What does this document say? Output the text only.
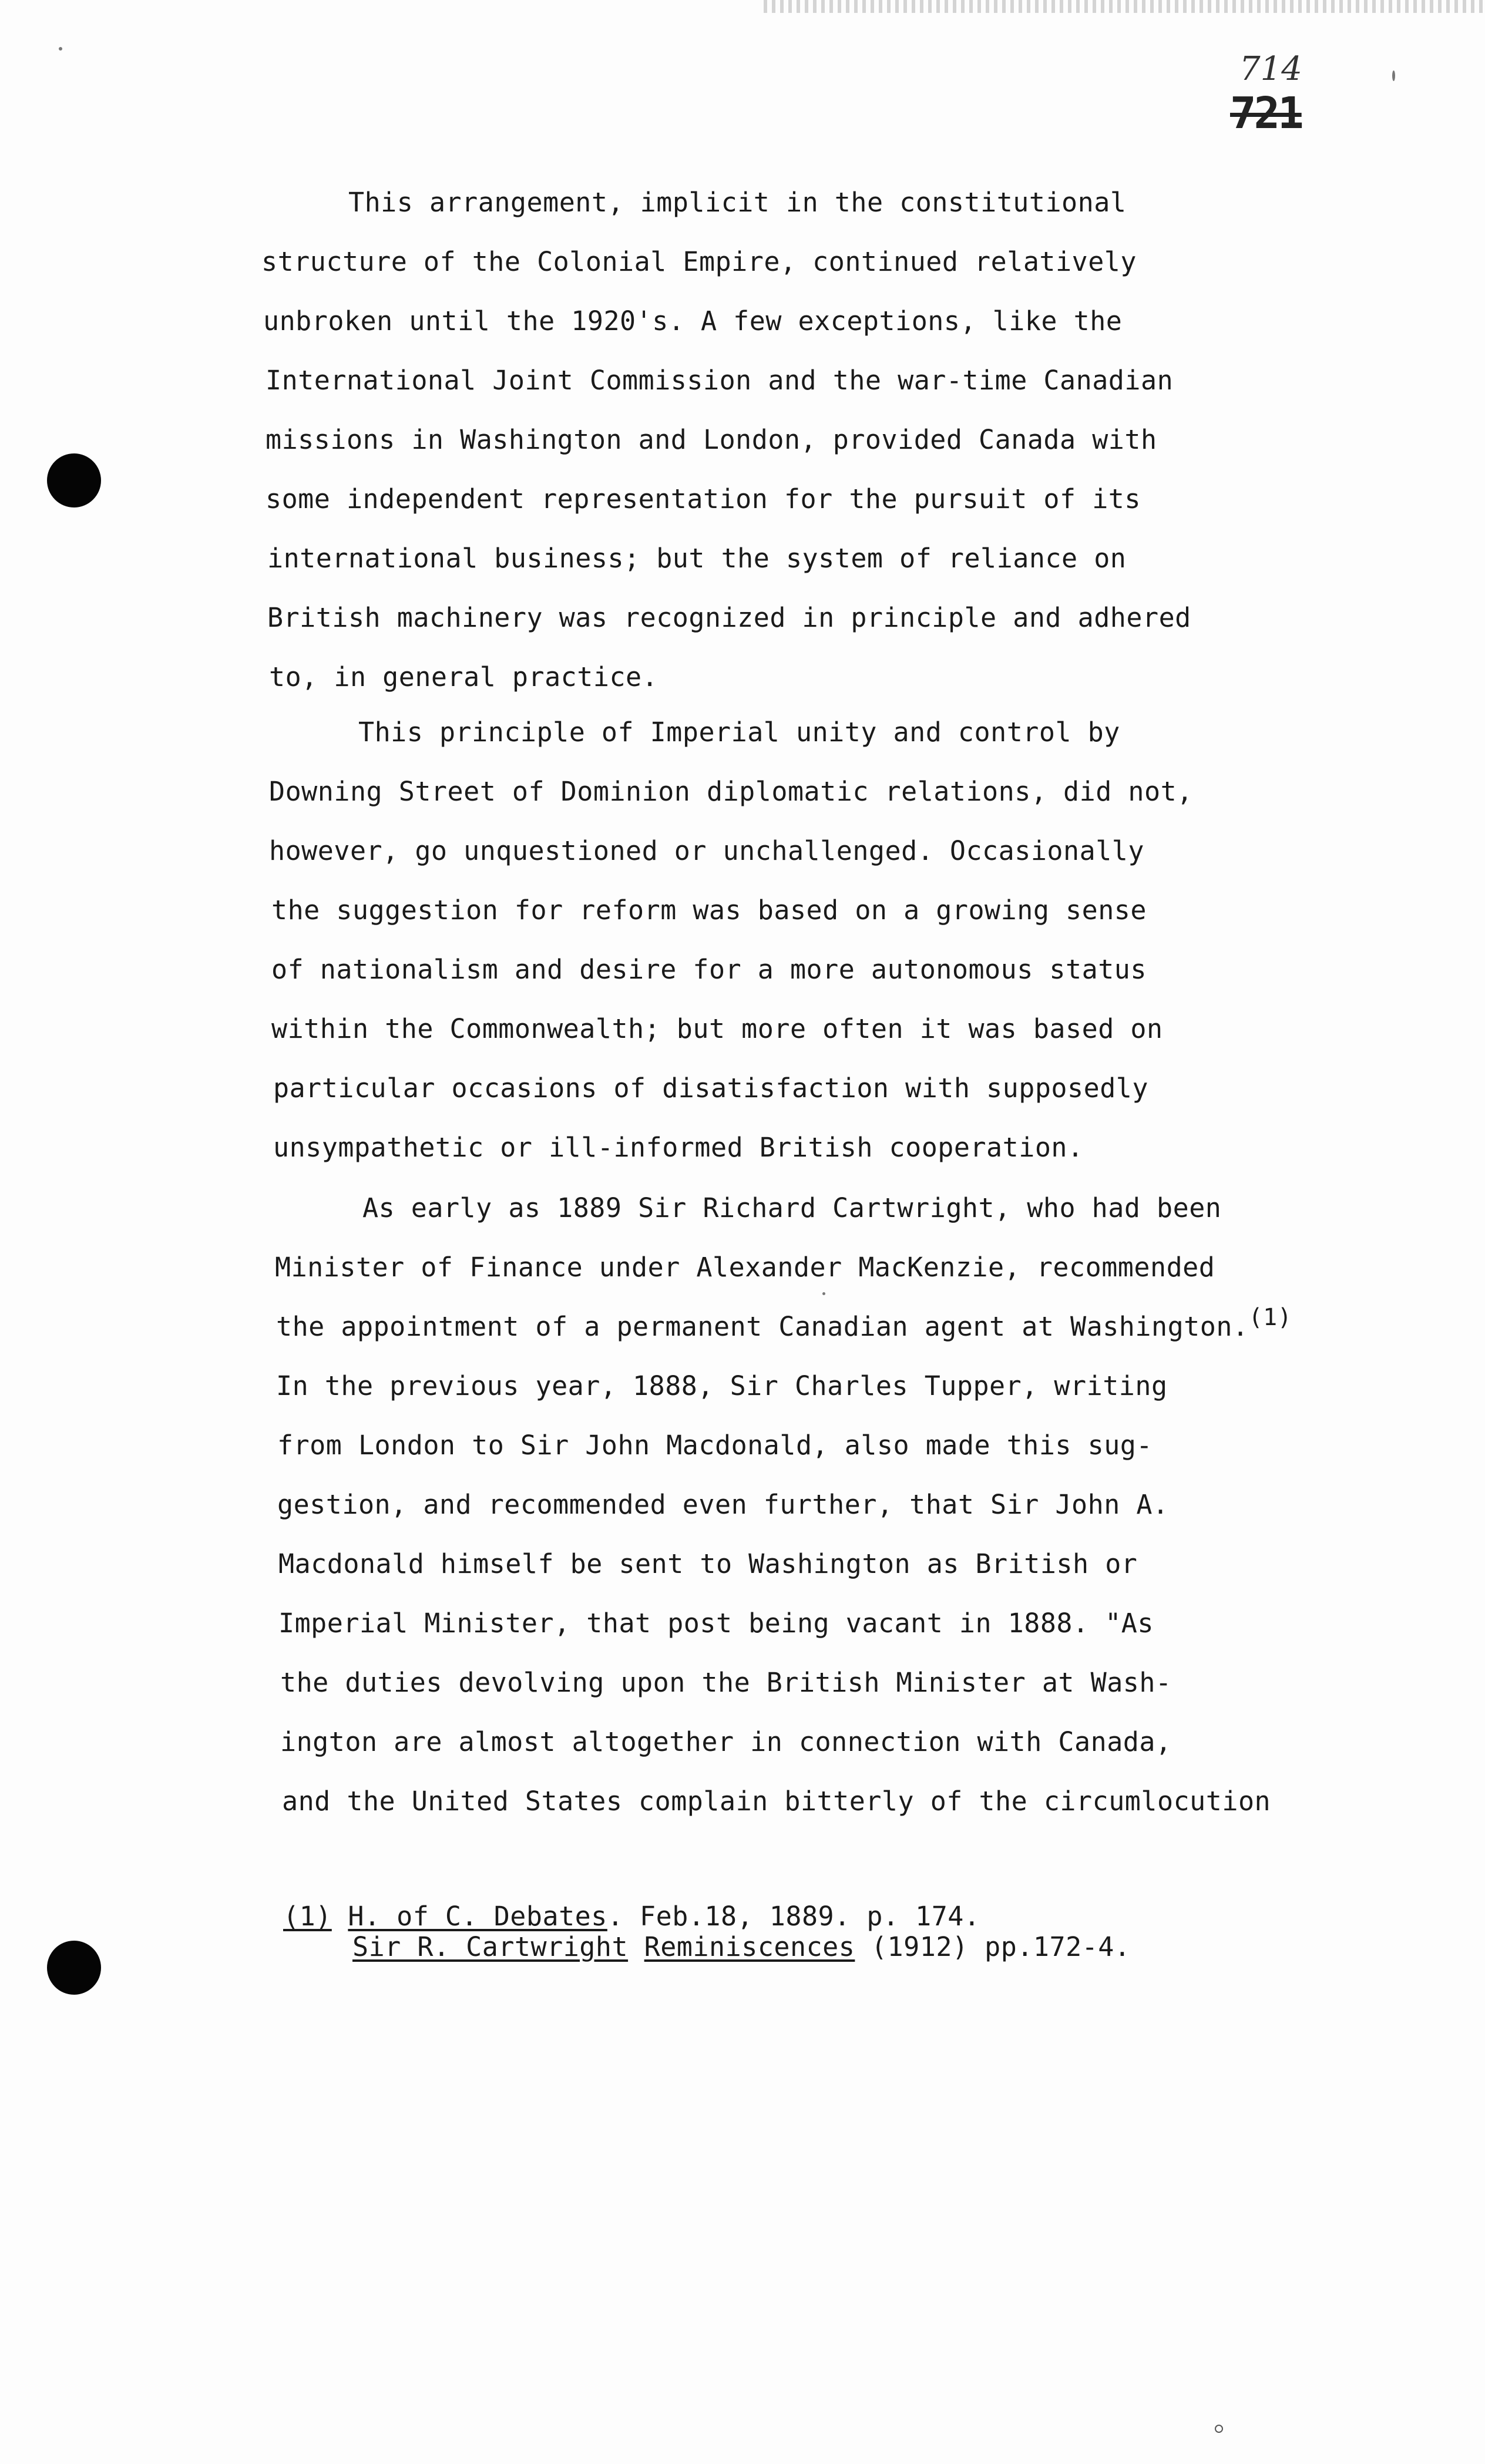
714
721
This arrangement, implicit in the constitutional
structure of the Colonial Empire, continued relatively
unbroken until the 1920's. A few exceptions, like the
International Joint Commission and the war-time Canadian
missions in Washington and London, provided Canada with
some independent representation for the pursuit of its
international business; but the system of reliance on
British machinery was recognized in principle and adhered
to, in general practice.
This principle of Imperial unity and control by
Downing Street of Dominion diplomatic relations, did not,
however, go unquestioned or unchallenged. Occasionally
the suggestion for reform was based on a growing sense
of nationalism and desire for a more autonomous status
within the Commonwealth; but more often it was based on
particular occasions of disatisfaction with supposedly
unsympathetic or ill-informed British cooperation.
As early as 1889 Sir Richard Cartwright, who had been
Minister of Finance under Alexander MacKenzie, recommended
the appointment of a permanent Canadian agent at Washington.(1)
In the previous year, 1888, Sir Charles Tupper, writing
from London to Sir John Macdonald, also made this sug-
gestion, and recommended even further, that Sir John A.
Macdonald himself be sent to Washington as British or
Imperial Minister, that post being vacant in 1888. "As
the duties devolving upon the British Minister at Wash-
ington are almost altogether in connection with Canada,
and the United States complain bitterly of the circumlocution
(1) H. of C. Debates. Feb.18, 1889. p. 174.
Sir R. Cartwright Reminiscences (1912) pp.172-4.
